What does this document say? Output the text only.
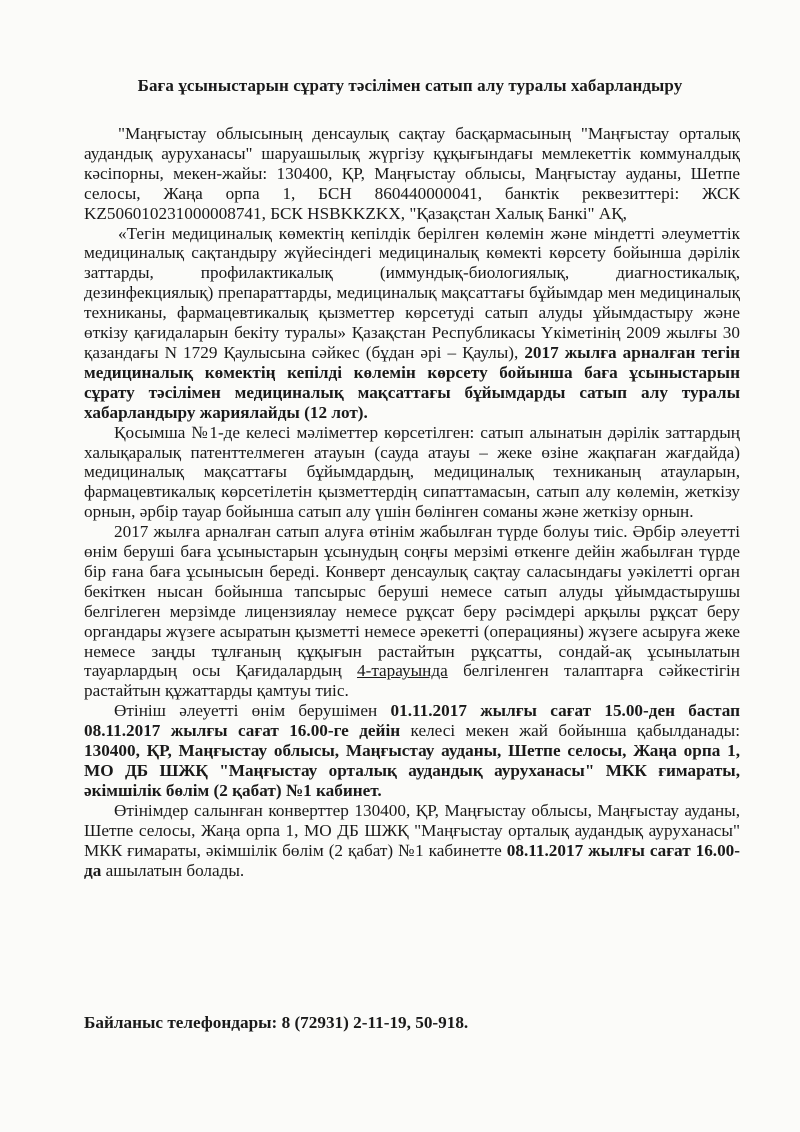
Баға ұсыныстарын сұрату тәсілімен сатып алу туралы хабарландыру

"Маңғыстау облысының денсаулық сақтау басқармасының "Маңғыстау орталық аудандық ауруханасы" шаруашылық жүргізу құқығындағы мемлекеттік коммуналдық кәсіпорны, мекен-жайы: 130400, ҚР, Маңғыстау облысы, Маңғыстау ауданы, Шетпе селосы, Жаңа орпа 1, БСН 860440000041, банктік реквезиттері: ЖСК KZ506010231000008741, БСК HSBKKZKX, "Қазақстан Халық Банкі" АҚ,

«Тегін медициналық көмектің кепілдік берілген көлемін және міндетті әлеуметтік медициналық сақтандыру жүйесіндегі медициналық көмекті көрсету бойынша дәрілік заттарды, профилактикалық (иммундық-биологиялық, диагностикалық, дезинфекциялық) препараттарды, медициналық мақсаттағы бұйымдар мен медициналық техниканы, фармацевтикалық қызметтер көрсетуді сатып алуды ұйымдастыру және өткізу қағидаларын бекіту туралы» Қазақстан Республикасы Үкіметінің 2009 жылғы 30 қазандағы N 1729 Қаулысына сәйкес (бұдан әрі – Қаулы), 2017 жылға арналған тегін медициналық көмектің кепілді көлемін көрсету бойынша баға ұсыныстарын сұрату тәсілімен медициналық мақсаттағы бұйымдарды сатып алу туралы хабарландыру жариялайды (12 лот).

Қосымша №1-де келесі мәліметтер көрсетілген: сатып алынатын дәрілік заттардың халықаралық патенттелмеген атауын (сауда атауы – жеке өзіне жақпаған жағдайда) медициналық мақсаттағы бұйымдардың, медициналық техниканың атауларын, фармацевтикалық көрсетілетін қызметтердің сипаттамасын, сатып алу көлемін, жеткізу орнын, әрбір тауар бойынша сатып алу үшін бөлінген соманы және жеткізу орнын.

2017 жылға арналған сатып алуға өтінім жабылған түрде болуы тиіс. Әрбір әлеуетті өнім беруші баға ұсыныстарын ұсынудың соңғы мерзімі өткенге дейін жабылған түрде бір ғана баға ұсынысын береді. Конверт денсаулық сақтау саласындағы уәкілетті орган бекіткен нысан бойынша тапсырыс беруші немесе сатып алуды ұйымдастырушы белгілеген мерзімде лицензиялау немесе рұқсат беру рәсімдері арқылы рұқсат беру органдары жүзеге асыратын қызметті немесе әрекетті (операцияны) жүзеге асыруға жеке немесе заңды тұлғаның құқығын растайтын рұқсатты, сондай-ақ ұсынылатын тауарлардың осы Қағидалардың 4-тарауында белгіленген талаптарға сәйкестігін растайтын құжаттарды қамтуы тиіс.

Өтініш әлеуетті өнім берушімен 01.11.2017 жылғы сағат 15.00-ден бастап 08.11.2017 жылғы сағат 16.00-ге дейін келесі мекен жай бойынша қабылданады: 130400, ҚР, Маңғыстау облысы, Маңғыстау ауданы, Шетпе селосы, Жаңа орпа 1, МО ДБ ШЖҚ "Маңғыстау орталық аудандық ауруханасы" МКК ғимараты, әкімшілік бөлім (2 қабат) №1 кабинет.

Өтінімдер салынған конверттер 130400, ҚР, Маңғыстау облысы, Маңғыстау ауданы, Шетпе селосы, Жаңа орпа 1, МО ДБ ШЖҚ "Маңғыстау орталық аудандық ауруханасы" МКК ғимараты, әкімшілік бөлім (2 қабат) №1 кабинетте 08.11.2017 жылғы сағат 16.00-да ашылатын болады.

Байланыс телефондары: 8 (72931) 2-11-19, 50-918.
